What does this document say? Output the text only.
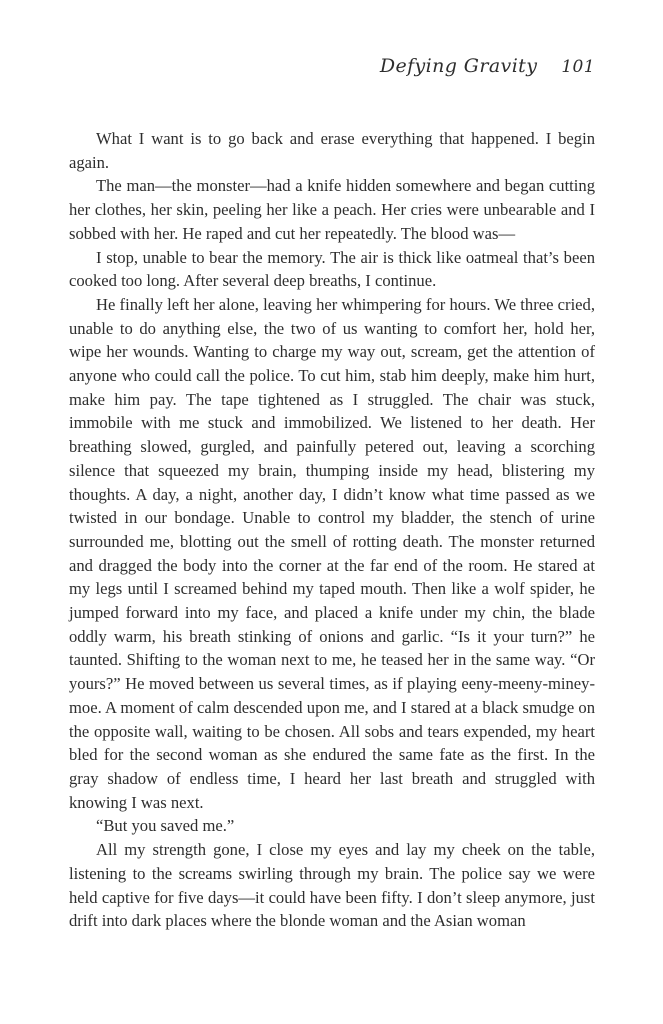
Defying Gravity 101

What I want is to go back and erase everything that happened. I begin again.

The man—the monster—had a knife hidden somewhere and began cutting her clothes, her skin, peeling her like a peach. Her cries were unbearable and I sobbed with her. He raped and cut her repeatedly. The blood was—

I stop, unable to bear the memory. The air is thick like oatmeal that’s been cooked too long. After several deep breaths, I continue.

He finally left her alone, leaving her whimpering for hours. We three cried, unable to do anything else, the two of us wanting to comfort her, hold her, wipe her wounds. Wanting to charge my way out, scream, get the attention of anyone who could call the police. To cut him, stab him deeply, make him hurt, make him pay. The tape tightened as I struggled. The chair was stuck, immobile with me stuck and immobilized. We listened to her death. Her breathing slowed, gurgled, and painfully petered out, leaving a scorching silence that squeezed my brain, thumping inside my head, blistering my thoughts. A day, a night, another day, I didn’t know what time passed as we twisted in our bondage. Unable to control my bladder, the stench of urine surrounded me, blotting out the smell of rotting death. The monster returned and dragged the body into the corner at the far end of the room. He stared at my legs until I screamed behind my taped mouth. Then like a wolf spider, he jumped forward into my face, and placed a knife under my chin, the blade oddly warm, his breath stinking of onions and garlic. “Is it your turn?” he taunted. Shifting to the woman next to me, he teased her in the same way. “Or yours?” He moved between us several times, as if playing eeny-meeny-miney-moe. A moment of calm descended upon me, and I stared at a black smudge on the opposite wall, waiting to be chosen. All sobs and tears expended, my heart bled for the second woman as she endured the same fate as the first. In the gray shadow of endless time, I heard her last breath and struggled with knowing I was next.

“But you saved me.”

All my strength gone, I close my eyes and lay my cheek on the table, listening to the screams swirling through my brain. The police say we were held captive for five days—it could have been fifty. I don’t sleep anymore, just drift into dark places where the blonde woman and the Asian woman
